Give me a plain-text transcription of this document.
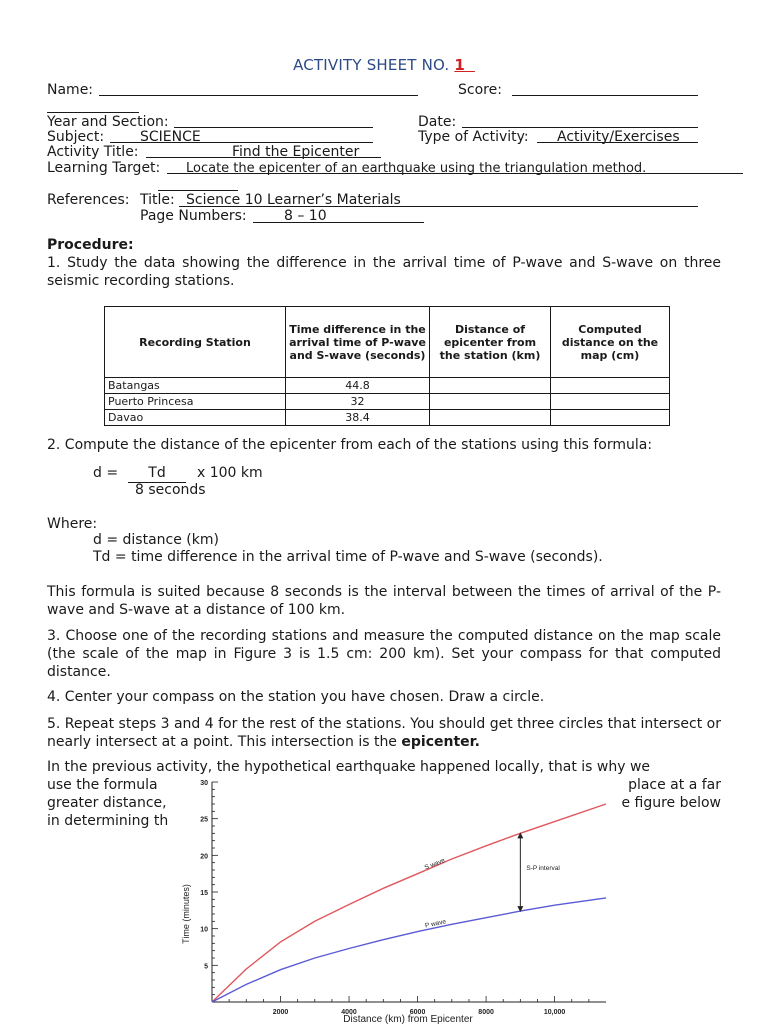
ACTIVITY SHEET NO. 1
Name:	Score:
Year and Section:	Date:
Subject:	SCIENCE	Type of Activity: Activity/Exercises
Activity Title:	Find the Epicenter
Learning Target: Locate the epicenter of an earthquake using the triangulation method.
References: Title: Science 10 Learner’s Materials
Page Numbers:	8 – 10
Procedure:
1. Study the data showing the difference in the arrival time of P-wave and S-wave on three seismic recording stations.
Recording Station	Time difference in the arrival time of P-wave and S-wave (seconds)	Distance of epicenter from the station (km)	Computed distance on the map (cm)
Batangas	44.8		
Puerto Princesa	32		
Davao	38.4		
2. Compute the distance of the epicenter from each of the stations using this formula:
d =	Td	x 100 km
8 seconds
Where:
d = distance (km)
Td = time difference in the arrival time of P-wave and S-wave (seconds).
This formula is suited because 8 seconds is the interval between the times of arrival of the P-wave and S-wave at a distance of 100 km.
3. Choose one of the recording stations and measure the computed distance on the map scale (the scale of the map in Figure 3 is 1.5 cm: 200 km). Set your compass for that computed distance.
4. Center your compass on the station you have chosen. Draw a circle.
5. Repeat steps 3 and 4 for the rest of the stations. You should get three circles that intersect or nearly intersect at a point. This intersection is the epicenter.
In the previous activity, the hypothetical earthquake happened locally, that is why we
use the formula	place at a far
greater distance,	e figure below
in determining th
2000	4000	6000	8000	10,000
5
10
15
20
25
30
S wave
P wave
S-P interval
Time (minutes)
Distance (km) from Epicenter
